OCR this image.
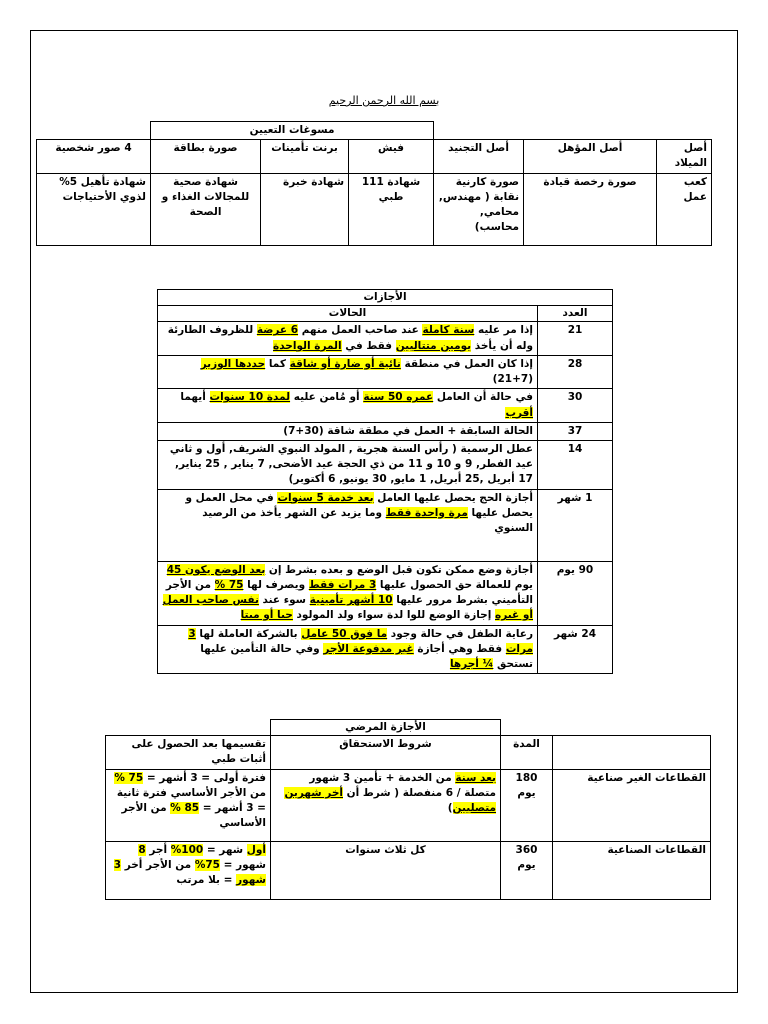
بسم الله الرحمن الرحيم
			مسوغات التعيين			
أصل الميلاد	أصل المؤهل	أصل التجنيد	فيش	برنت تأمينات	صورة بطاقة	4 صور شخصية
كعب عمل	صورة رخصة قيادة	صورة كارنية نقابة ( مهندس, محامي, محاسب)	شهادة 111 طبي	شهادة خبرة	شهادة صحية للمجالات الغذاء و الصحة	شهادة تأهيل 5% لذوي الأحتياجات
الأجازات	
العدد	الحالات
21	إذا مر عليه سنة كاملة عند صاحب العمل منهم 6 عرضة للظروف الطارئة وله أن يأخذ يومين متتاليين فقط في المرة الواحدة
28	إذا كان العمل في منطقة نائية أو ضارة أو شاقة كما حددها الوزير (7+21)
30	في حالة أن العامل عمره 50 سنة أو مُامن عليه لمدة 10 سنوات أيهما أقرب
37	الحالة السابقة + العمل في مطقة شاقة (30+7)
14	عطل الرسمية ( رأس السنة هجرية , المولد النبوي الشريف, أول و ثاني عيد الفطر, 9 و 10 و 11 من ذي الحجة عيد الأضحى, 7 يناير , 25 يناير, 17 أبريل ,25 أبريل, 1 مايو, 30 يونيو, 6 أكتوبر)
1 شهر	أجازة الحج يحصل عليها العامل بعد خدمة 5 سنوات في محل العمل و يحصل عليها مرة واحدة فقط وما يزيد عن الشهر يأخذ من الرصيد السنوي
90 يوم	أجازة وضع ممكن تكون قبل الوضع و بعده بشرط إن بعد الوضع يكون 45 يوم للعمالة حق الحصول عليها 3 مرات فقط ويصرف لها 75 % من الأجر التأميني بشرط مرور عليها 10 أشهر تأمينية سوء عند نفس صاحب العمل أو غيره إجازة الوضع للوا لدة سواء ولد المولود حيا أو ميتا
24 شهر	رعاية الطفل في حالة وجود ما فوق 50 عامل بالشركة العاملة لها 3 مرات فقط وهي أجازة غير مدفوعة الأجر وفي حالة التأمين عليها تستحق ¼ أجرها
		الأجازة المرضي	
	المدة	شروط الاستحقاق	تقسيمها بعد الحصول على أثبات طبي
القطاعات الغير صناعية	180 يوم	بعد سنة من الخدمة + تأمين 3 شهور متصلة / 6 منفصلة ( شرط أن أخر شهرين متصليين)	فترة أولى = 3 أشهر = 75 % من الأجر الأساسي فترة ثانية = 3 أشهر = 85 % من الأجر الأساسي
القطاعات الصناعية	360 يوم	كل ثلاث سنوات	أول شهر = 100% أجر 8 شهور = 75% من الأجر أخر 3 شهور = بلا مرتب
